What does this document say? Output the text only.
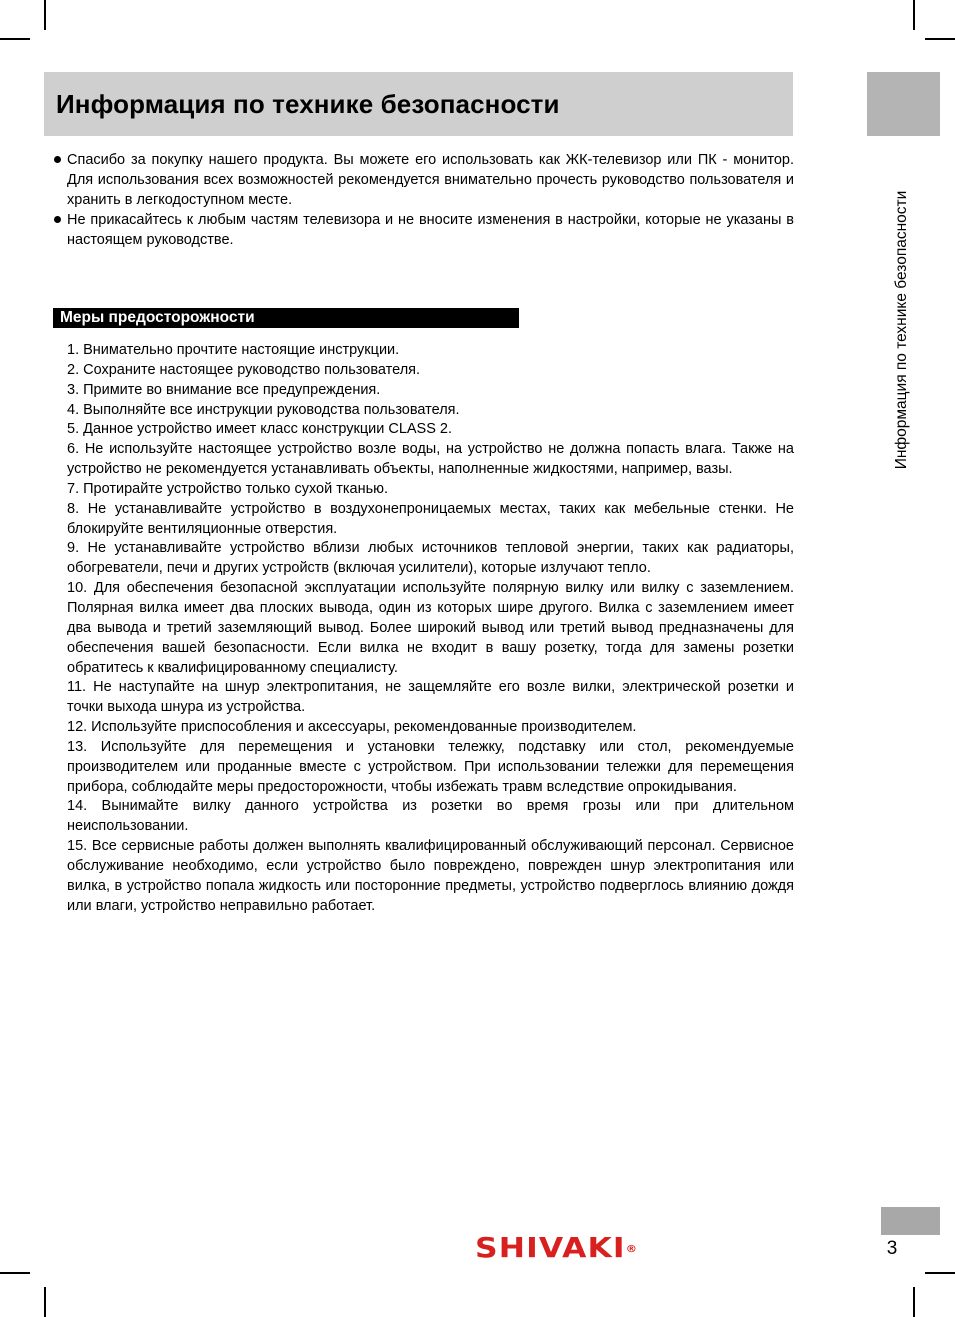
Информация по технике безопасности
Информация по технике безопасности

Спасибо за покупку нашего продукта. Вы можете его использовать как ЖК-телевизор или ПК - монитор. Для использования всех возможностей рекомендуется внимательно прочесть руководство пользователя и хранить в легкодоступном месте.

Не прикасайтесь к любым частям телевизора и не вносите изменения в настройки, которые не указаны в настоящем руководстве.

Меры предосторожности

1. Внимательно прочтите настоящие инструкции.

2. Сохраните настоящее руководство пользователя.

3. Примите во внимание все предупреждения.

4. Выполняйте все инструкции руководства пользователя.

5. Данное устройство имеет класс конструкции CLASS 2.

6. Не используйте настоящее устройство возле воды, на устройство не должна попасть влага. Также на устройство не рекомендуется устанавливать объекты, наполненные жидкостями, например, вазы.

7. Протирайте устройство только сухой тканью.

8. Не устанавливайте устройство в воздухонепроницаемых местах, таких как мебельные стенки. Не блокируйте вентиляционные отверстия.

9. Не устанавливайте устройство вблизи любых источников тепловой энергии, таких как радиаторы, обогреватели, печи и других устройств (включая усилители), которые излучают тепло.

10. Для обеспечения безопасной эксплуатации используйте полярную вилку или вилку с заземлением. Полярная вилка имеет два плоских вывода, один из которых шире другого. Вилка с заземлением имеет два вывода и третий заземляющий вывод. Более широкий вывод или третий вывод предназначены для обеспечения вашей безопасности. Если вилка не входит в вашу розетку, тогда для замены розетки обратитесь к квалифицированному специалисту.

11. Не наступайте на шнур электропитания, не защемляйте его возле вилки, электрической розетки и точки выхода шнура из устройства.

12. Используйте приспособления и аксессуары, рекомендованные производителем.

13. Используйте для перемещения и установки тележку, подставку или стол, рекомендуемые производителем или проданные вместе с устройством. При использовании тележки для перемещения прибора, соблюдайте меры предосторожности, чтобы избежать травм вследствие опрокидывания.

14. Вынимайте вилку данного устройства из розетки во время грозы или при длительном неиспользовании.

15. Все сервисные работы должен выполнять квалифицированный обслуживающий персонал. Сервисное обслуживание необходимо, если устройство было повреждено, поврежден шнур электропитания или вилка, в устройство попала жидкость или посторонние предметы, устройство подверглось влиянию дождя или влаги, устройство неправильно работает.

SHIVAKI®	3
